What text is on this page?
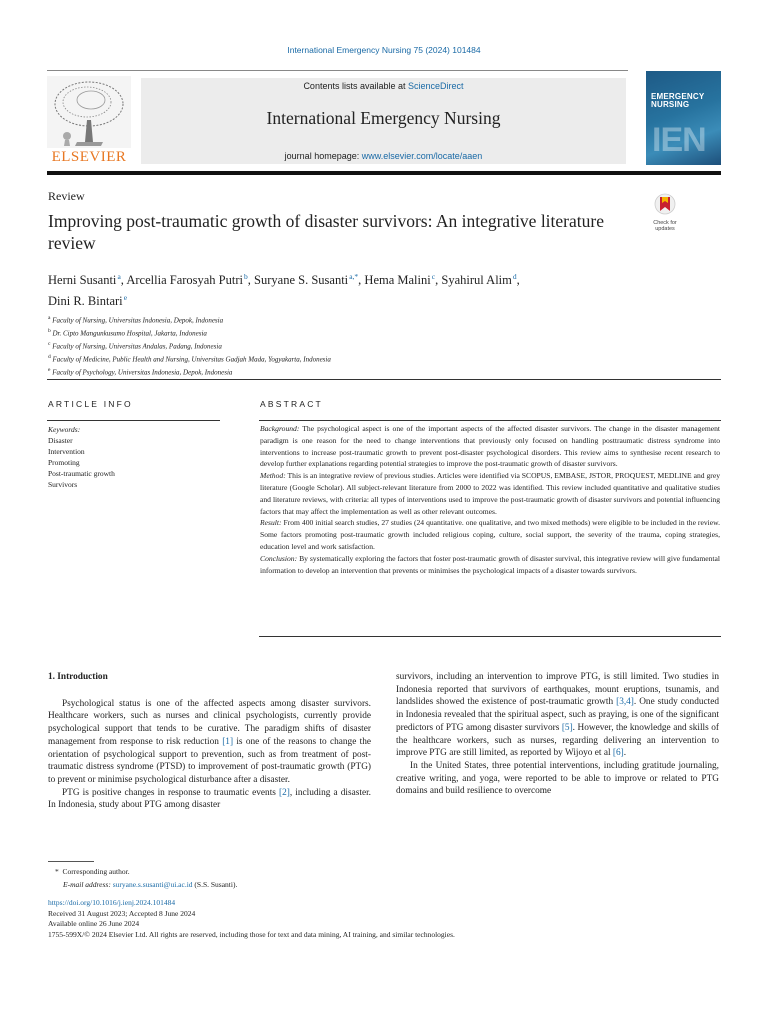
International Emergency Nursing 75 (2024) 101484
ELSEVIER
Contents lists available at ScienceDirect
International Emergency Nursing
journal homepage: www.elsevier.com/locate/aaen
EMERGENCY
NURSING
IEN
Review
Improving post-traumatic growth of disaster survivors: An integrative literature review
Check for
updates
Herni Susanti $^a$, Arcellia Farosyah Putri $^b$, Suryane S. Susanti $^{a,*}$, Hema Malini $^c$, Syahirul Alim $^d$,
Dini R. Bintari $^e$
$^a$ Faculty of Nursing, Universitas Indonesia, Depok, Indonesia
$^b$ Dr. Cipto Mangunkusumo Hospital, Jakarta, Indonesia
$^c$ Faculty of Nursing, Universitas Andalas, Padang, Indonesia
$^d$ Faculty of Medicine, Public Health and Nursing, Universitas Gadjah Mada, Yogyakarta, Indonesia
$^e$ Faculty of Psychology, Universitas Indonesia, Depok, Indonesia
ARTICLE INFO
Keywords:
Disaster
Intervention
Promoting
Post-traumatic growth
Survivors
ABSTRACT

Background: The psychological aspect is one of the important aspects of the affected disaster survivors. The change in the disaster management paradigm is one reason for the need to change interventions that previously only focused on handling posttraumatic distress syndrome into interventions to increase post-traumatic growth to prevent post-disaster psychological disorders. This review aims to synthesise recent research to develop further explanations regarding potential strategies to improve the post-traumatic growth of disaster survivors.

Method: This is an integrative review of previous studies. Articles were identified via SCOPUS, EMBASE, JSTOR, PROQUEST, MEDLINE and grey literature (Google Scholar). All subject-relevant literature from 2000 to 2022 was identified. This review included quantitative and qualitative studies and literature reviews, with criteria: all types of interventions used to improve the post-traumatic growth of disaster survivors and potential influencing factors that may affect the implementation as well as other relevant outcomes.

Result: From 400 initial search studies, 27 studies (24 quantitative. one qualitative, and two mixed methods) were eligible to be included in the review. Some factors promoting post-traumatic growth included religious coping, culture, social support, the severity of the trauma, coping strategies, education level and work satisfaction.

Conclusion: By systematically exploring the factors that foster post-traumatic growth of disaster survival, this integrative review will give fundamental information to develop an intervention that prevents or minimises the psychological impacts of a disaster towards survivors.

1. Introduction

Psychological status is one of the affected aspects among disaster survivors. Healthcare workers, such as nurses and clinical psychologists, currently provide psychological support that tends to be curative. The paradigm shifts of disaster management from response to risk reduction [1] is one of the reasons to change the orientation of psychological support to prevention, such as from treatment of post-traumatic distress syndrome (PTSD) to improvement of post-traumatic growth (PTG) to prevent or minimise psychological disturbance after a disaster.

PTG is positive changes in response to traumatic events [2], including a disaster. In Indonesia, study about PTG among disaster

survivors, including an intervention to improve PTG, is still limited. Two studies in Indonesia reported that survivors of earthquakes, mount eruptions, tsunamis, and landslides showed the existence of post-traumatic growth [3,4]. One study conducted in Indonesia revealed that the spiritual aspect, such as praying, is one of the significant predictors of PTG among disaster survivors [5]. However, the knowledge and skills of the healthcare workers, such as nurses, regarding delivering an intervention to improve PTG are still limited, as reported by Wijoyo et al [6].

In the United States, three potential interventions, including gratitude journaling, creative writing, and yoga, were reported to be able to improve or related to PTG domains and build resilience to overcome

* Corresponding author.
E-mail address: suryane.s.susanti@ui.ac.id (S.S. Susanti).
https://doi.org/10.1016/j.ienj.2024.101484
Received 31 August 2023; Accepted 8 June 2024
Available online 26 June 2024
1755-599X/© 2024 Elsevier Ltd. All rights are reserved, including those for text and data mining, AI training, and similar technologies.
